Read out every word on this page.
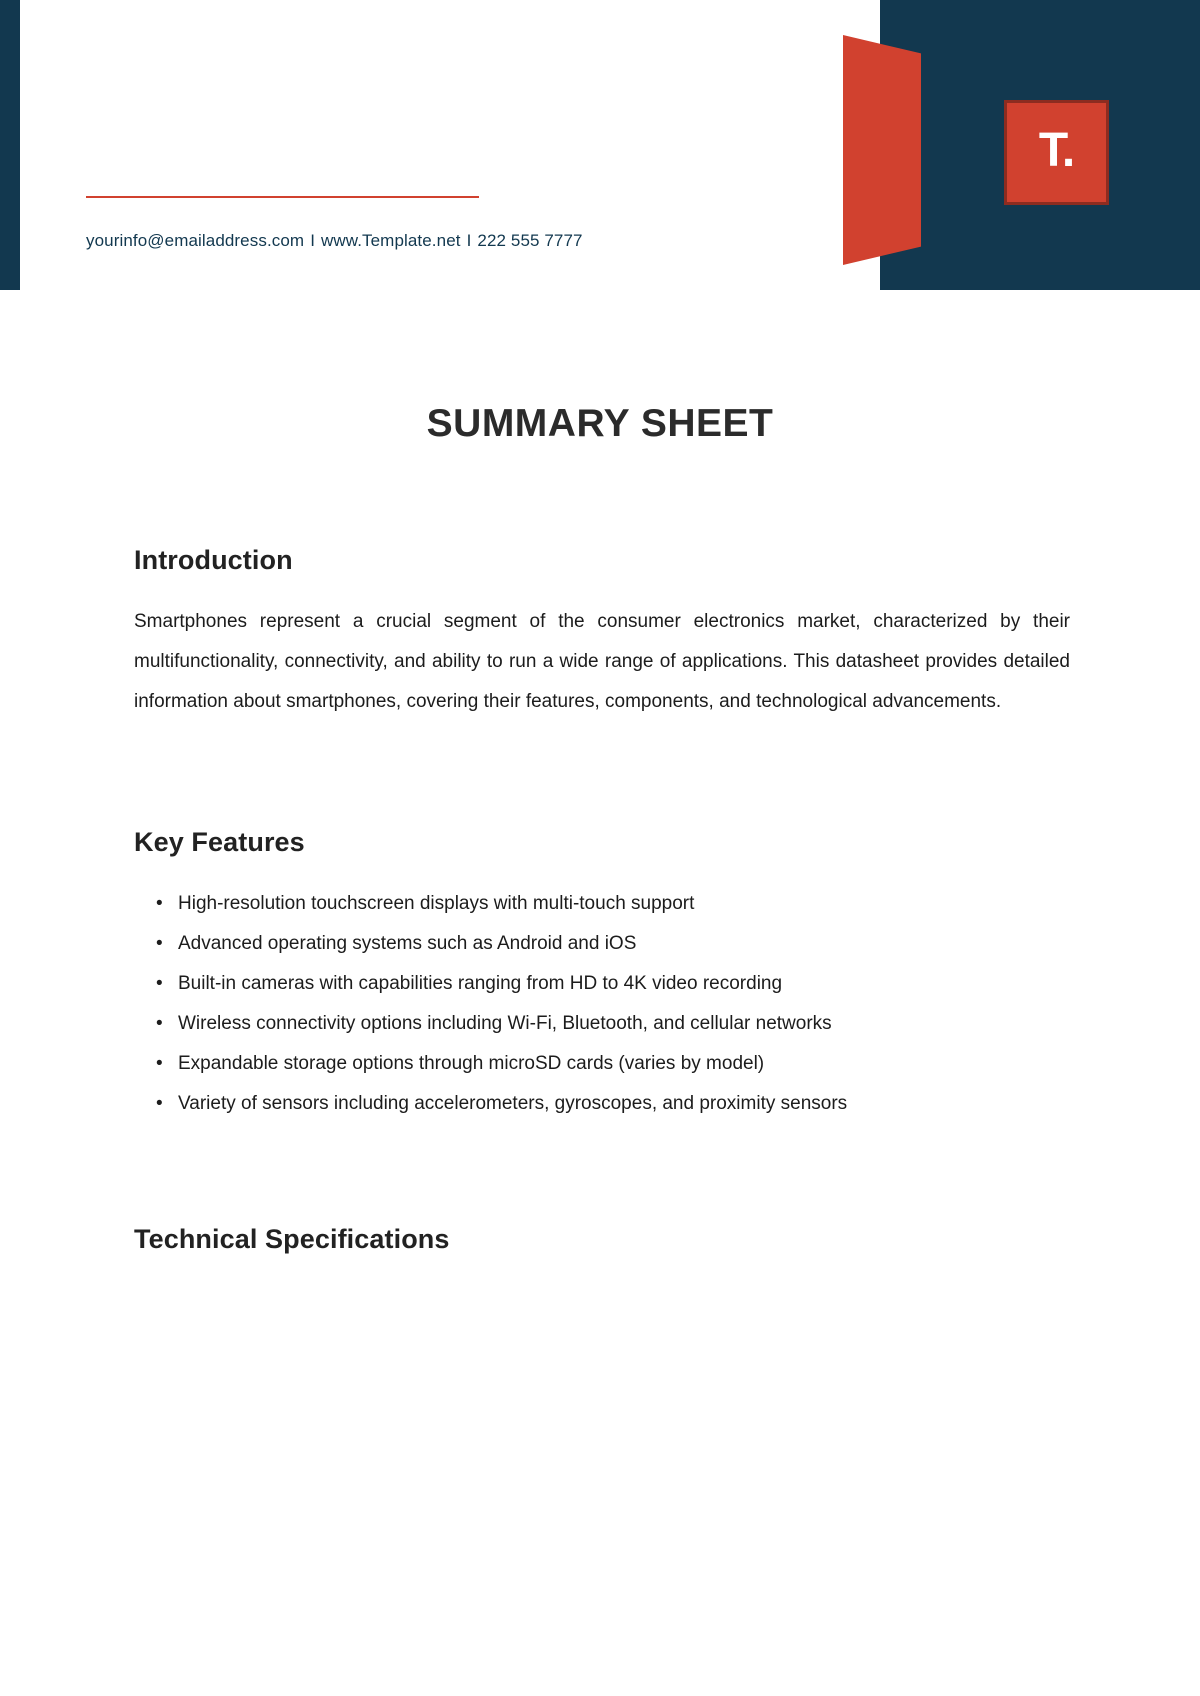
T.
yourinfo@emailaddress.com I www.Template.net I 222 555 7777
SUMMARY SHEET
Introduction

Smartphones represent a crucial segment of the consumer electronics market, characterized by their multifunctionality, connectivity, and ability to run a wide range of applications. This datasheet provides detailed information about smartphones, covering their features, components, and technological advancements.

Key Features
• High-resolution touchscreen displays with multi-touch support
• Advanced operating systems such as Android and iOS
• Built-in cameras with capabilities ranging from HD to 4K video recording
• Wireless connectivity options including Wi-Fi, Bluetooth, and cellular networks
• Expandable storage options through microSD cards (varies by model)
• Variety of sensors including accelerometers, gyroscopes, and proximity sensors
Technical Specifications
